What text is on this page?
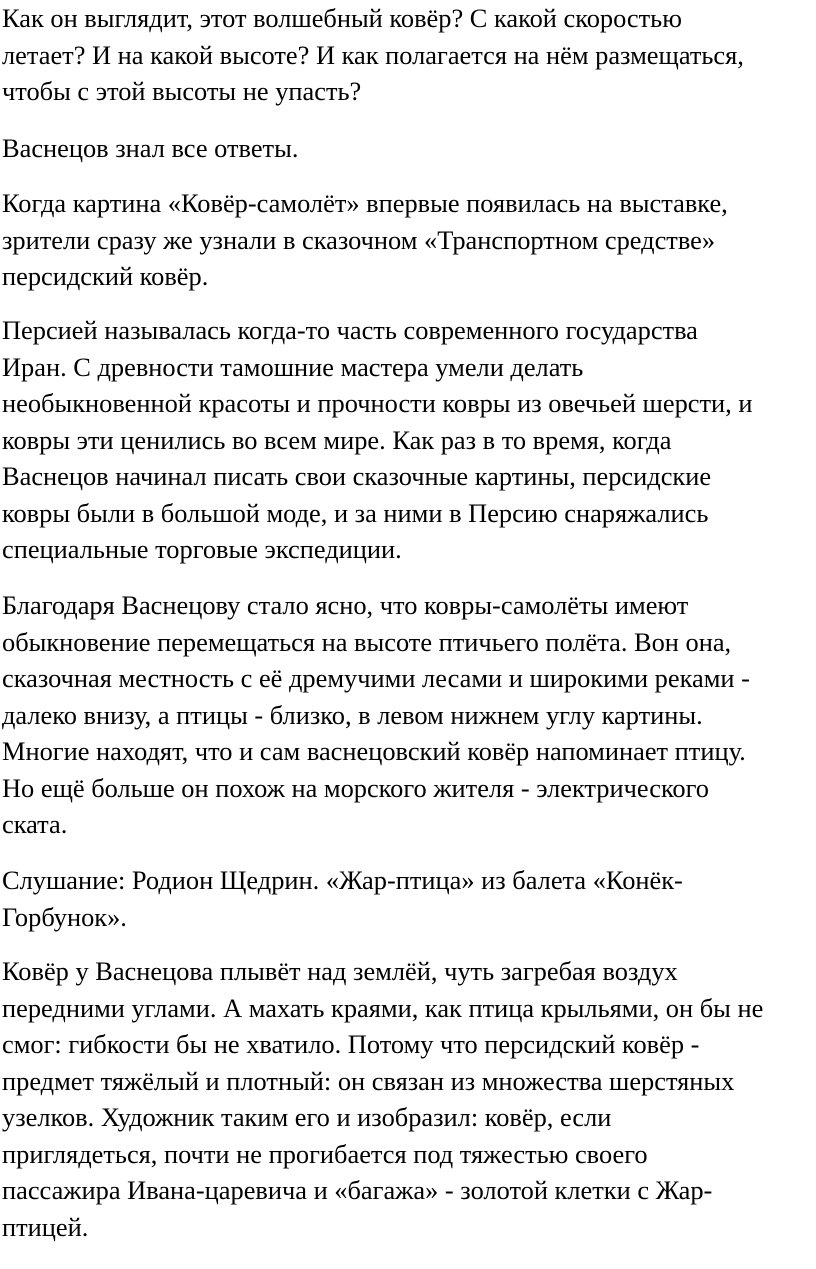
Как он выглядит, этот волшебный ковёр? С какой скоростью
летает? И на какой высоте? И как полагается на нём размещаться,
чтобы с этой высоты не упасть?

Васнецов знал все ответы.

Когда картина «Ковёр-самолёт» впервые появилась на выставке,
зрители сразу же узнали в сказочном «Транспортном средстве»
персидский ковёр.

Персией называлась когда-то часть современного государства
Иран. С древности тамошние мастера умели делать
необыкновенной красоты и прочности ковры из овечьей шерсти, и
ковры эти ценились во всем мире. Как раз в то время, когда
Васнецов начинал писать свои сказочные картины, персидские
ковры были в большой моде, и за ними в Персию снаряжались
специальные торговые экспедиции.

Благодаря Васнецову стало ясно, что ковры-самолёты имеют
обыкновение перемещаться на высоте птичьего полёта. Вон она,
сказочная местность с её дремучими лесами и широкими реками -
далеко внизу, а птицы - близко, в левом нижнем углу картины.
Многие находят, что и сам васнецовский ковёр напоминает птицу.
Но ещё больше он похож на морского жителя - электрического
ската.

Слушание: Родион Щедрин. «Жар-птица» из балета «Конёк-
Горбунок».

Ковёр у Васнецова плывёт над землёй, чуть загребая воздух
передними углами. А махать краями, как птица крыльями, он бы не
смог: гибкости бы не хватило. Потому что персидский ковёр -
предмет тяжёлый и плотный: он связан из множества шерстяных
узелков. Художник таким его и изобразил: ковёр, если
приглядеться, почти не прогибается под тяжестью своего
пассажира Ивана-царевича и «багажа» - золотой клетки с Жар-
птицей.
